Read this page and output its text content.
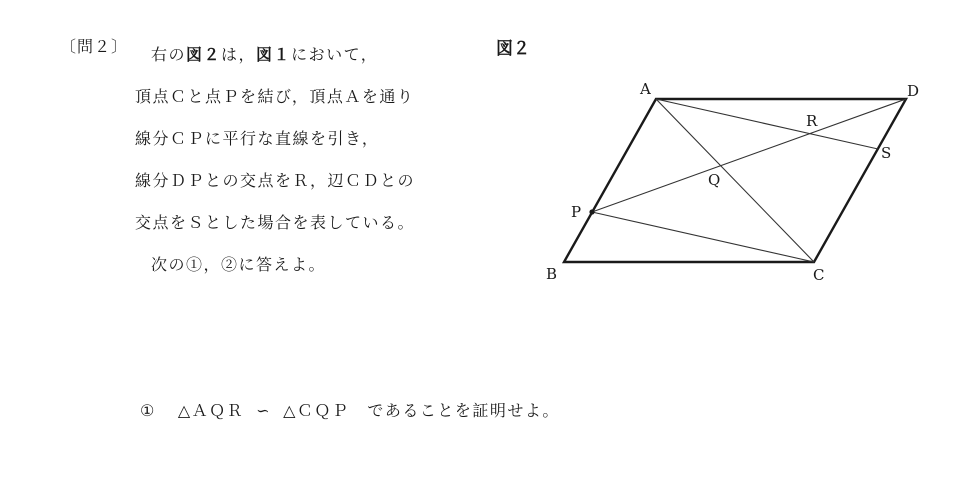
〔問２〕 右の図２は，図１において，
頂点Ｃと点Ｐを結び，頂点Ａを通り
線分ＣＰに平行な直線を引き，
線分ＤＰとの交点をＲ，辺ＣＤとの
交点をＳとした場合を表している。
次の①，②に答えよ。
図２
A
B	C
D
P
Q
R
S
① △ＡＱＲ ∽ △ＣＱＰ であることを証明せよ。
